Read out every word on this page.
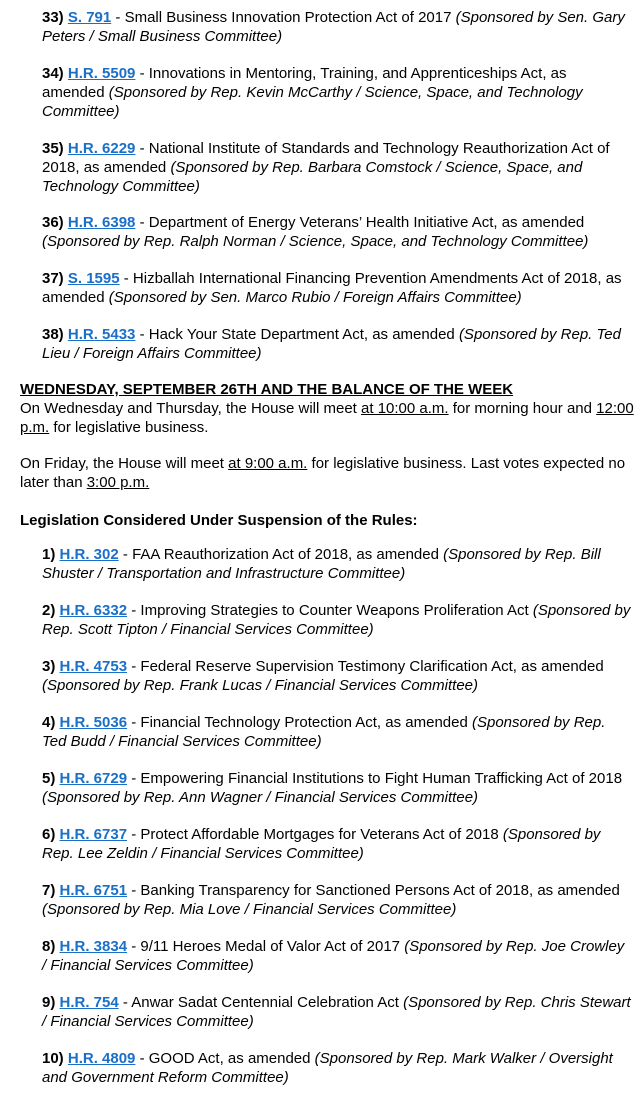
33) S. 791 - Small Business Innovation Protection Act of 2017 (Sponsored by Sen. Gary Peters / Small Business Committee)

34) H.R. 5509 - Innovations in Mentoring, Training, and Apprenticeships Act, as amended (Sponsored by Rep. Kevin McCarthy / Science, Space, and Technology Committee)

35) H.R. 6229 - National Institute of Standards and Technology Reauthorization Act of 2018, as amended (Sponsored by Rep. Barbara Comstock / Science, Space, and Technology Committee)

36) H.R. 6398 - Department of Energy Veterans’ Health Initiative Act, as amended (Sponsored by Rep. Ralph Norman / Science, Space, and Technology Committee)

37) S. 1595 - Hizballah International Financing Prevention Amendments Act of 2018, as amended (Sponsored by Sen. Marco Rubio / Foreign Affairs Committee)

38) H.R. 5433 - Hack Your State Department Act, as amended (Sponsored by Rep. Ted Lieu / Foreign Affairs Committee)

WEDNESDAY, SEPTEMBER 26TH AND THE BALANCE OF THE WEEK

On Wednesday and Thursday, the House will meet at 10:00 a.m. for morning hour and 12:00 p.m. for legislative business.

On Friday, the House will meet at 9:00 a.m. for legislative business. Last votes expected no later than 3:00 p.m.

Legislation Considered Under Suspension of the Rules:

1) H.R. 302 - FAA Reauthorization Act of 2018, as amended (Sponsored by Rep. Bill Shuster / Transportation and Infrastructure Committee)

2) H.R. 6332 - Improving Strategies to Counter Weapons Proliferation Act (Sponsored by Rep. Scott Tipton / Financial Services Committee)

3) H.R. 4753 - Federal Reserve Supervision Testimony Clarification Act, as amended (Sponsored by Rep. Frank Lucas / Financial Services Committee)

4) H.R. 5036 - Financial Technology Protection Act, as amended (Sponsored by Rep. Ted Budd / Financial Services Committee)

5) H.R. 6729 - Empowering Financial Institutions to Fight Human Trafficking Act of 2018 (Sponsored by Rep. Ann Wagner / Financial Services Committee)

6) H.R. 6737 - Protect Affordable Mortgages for Veterans Act of 2018 (Sponsored by Rep. Lee Zeldin / Financial Services Committee)

7) H.R. 6751 - Banking Transparency for Sanctioned Persons Act of 2018, as amended (Sponsored by Rep. Mia Love / Financial Services Committee)

8) H.R. 3834 - 9/11 Heroes Medal of Valor Act of 2017 (Sponsored by Rep. Joe Crowley / Financial Services Committee)

9) H.R. 754 - Anwar Sadat Centennial Celebration Act (Sponsored by Rep. Chris Stewart / Financial Services Committee)

10) H.R. 4809 - GOOD Act, as amended (Sponsored by Rep. Mark Walker / Oversight and Government Reform Committee)
